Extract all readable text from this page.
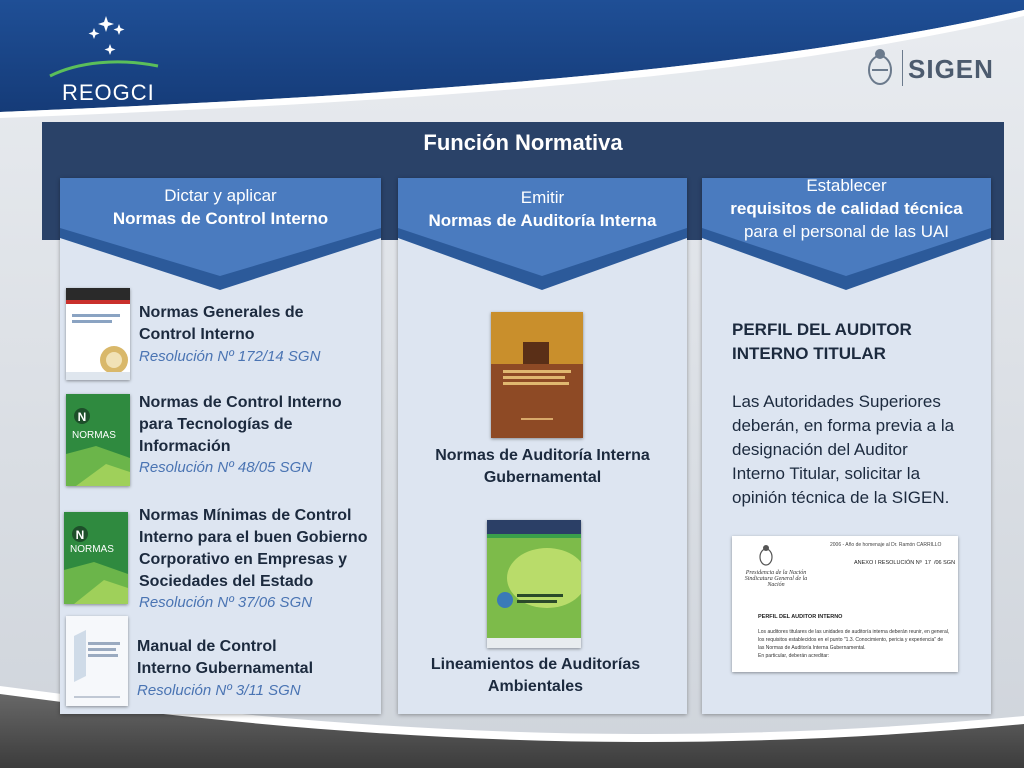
REOGCI
SIGEN
Función Normativa
Dictar y aplicar
Normas de Control Interno
Normas Generales de Control Interno
Resolución Nº 172/14 SGN
N
NORMAS
Normas de Control Interno para Tecnologías de Información
Resolución Nº 48/05 SGN
N
NORMAS
Normas Mínimas de Control Interno para el buen Gobierno Corporativo en Empresas y Sociedades del Estado
Resolución Nº 37/06 SGN
Manual de Control Interno Gubernamental
Resolución Nº 3/11 SGN
Emitir
Normas de Auditoría Interna
Normas de Auditoría Interna Gubernamental
Lineamientos de Auditorías Ambientales
Establecer
requisitos de calidad técnica
para el personal de las UAI
PERFIL DEL AUDITOR INTERNO TITULAR
Las Autoridades Superiores deberán, en forma previa a la designación del Auditor Interno Titular, solicitar la opinión técnica de la SIGEN.
2006 - Año de homenaje al Dr. Ramón CARRILLO
ANEXO I RESOLUCIÓN Nº  17  /06 SGN
Presidencia de la Nación
Sindicatura General de la Nación
PERFIL DEL AUDITOR INTERNO
Los auditores titulares de las unidades de auditoría interna deberán reunir, en general,
los requisitos establecidos en el punto "1.3. Conocimiento, pericia y experiencia" de
las Normas de Auditoría Interna Gubernamental.
En particular, deberán acreditar:
